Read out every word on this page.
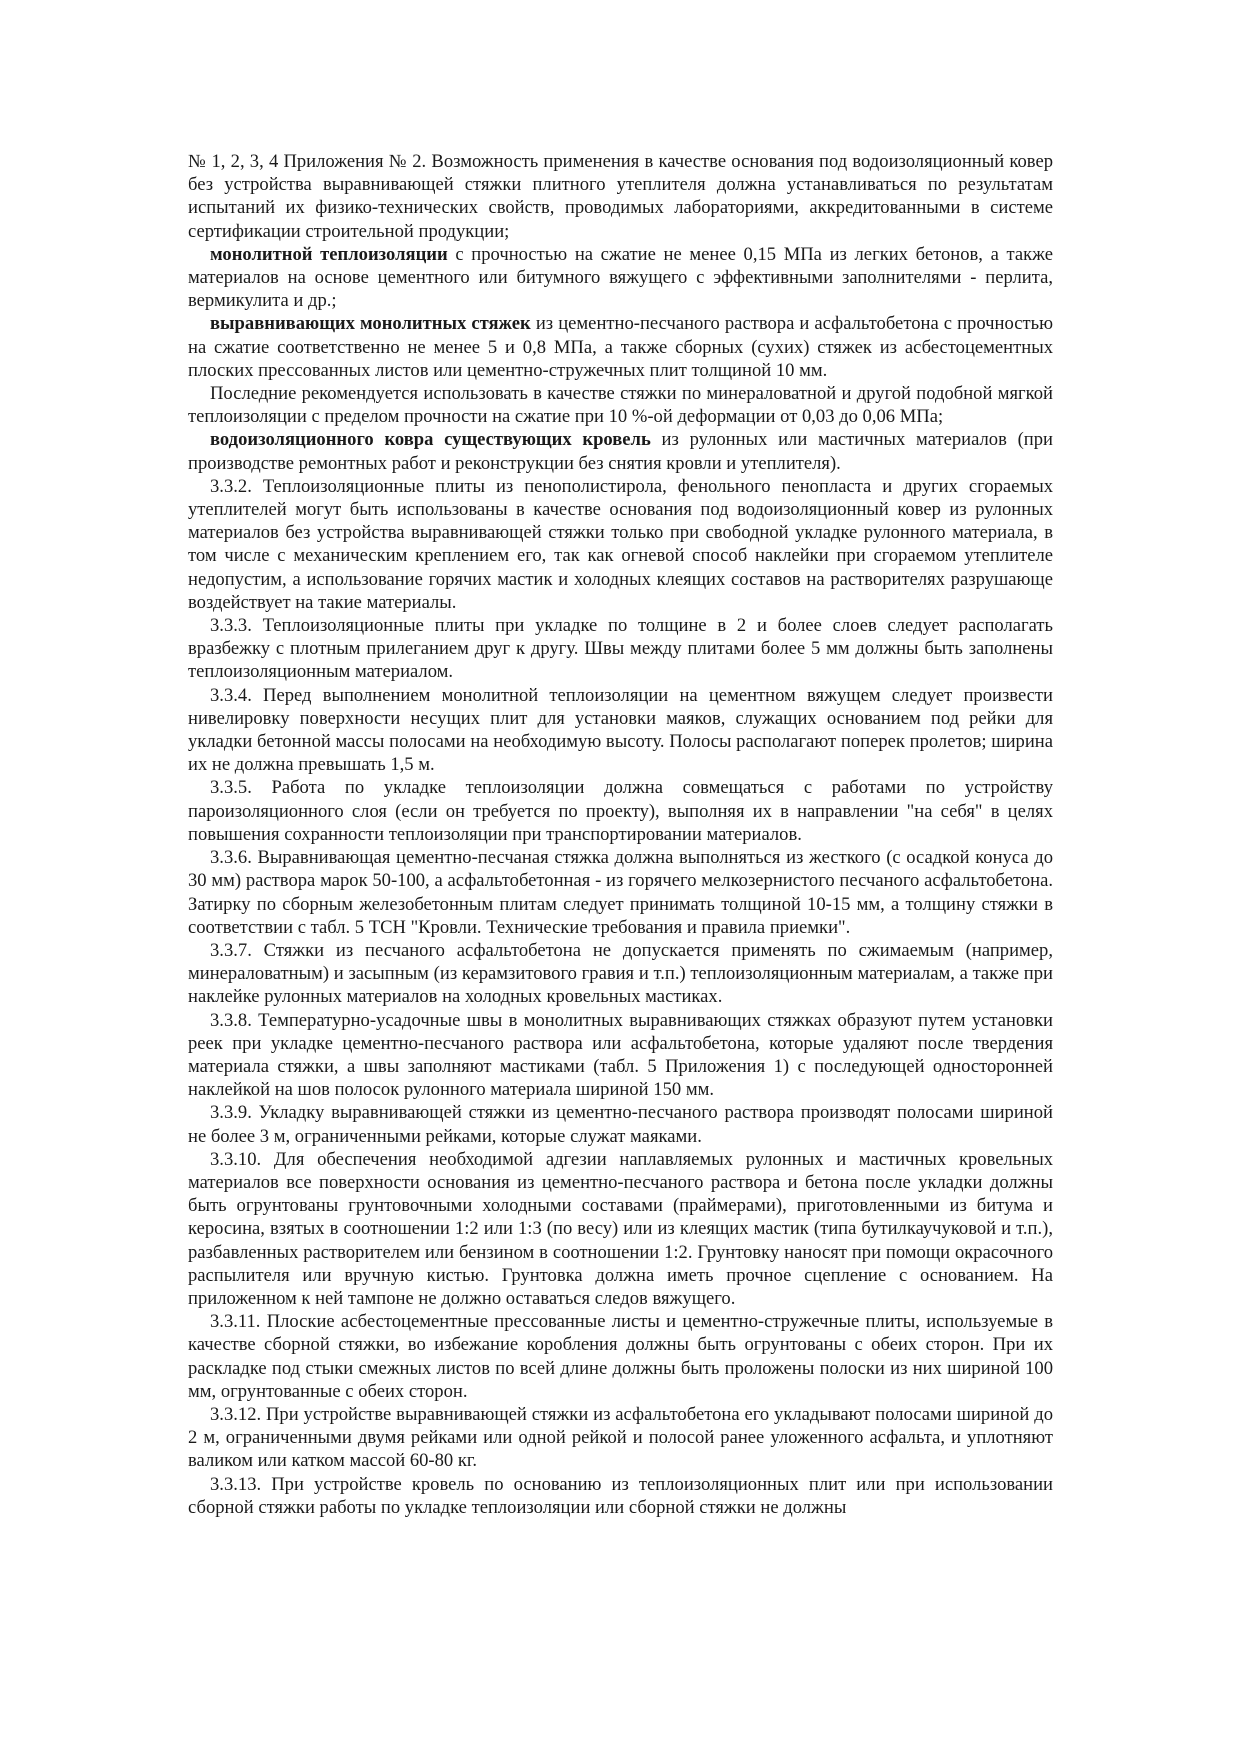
№ 1, 2, 3, 4 Приложения № 2. Возможность применения в качестве основания под водоизоляционный ковер без устройства выравнивающей стяжки плитного утеплителя должна устанавливаться по результатам испытаний их физико-технических свойств, проводимых лабораториями, аккредитованными в системе сертификации строительной продукции;

монолитной теплоизоляции с прочностью на сжатие не менее 0,15 МПа из легких бетонов, а также материалов на основе цементного или битумного вяжущего с эффективными заполнителями - перлита, вермикулита и др.;

выравнивающих монолитных стяжек из цементно-песчаного раствора и асфальтобетона с прочностью на сжатие соответственно не менее 5 и 0,8 МПа, а также сборных (сухих) стяжек из асбестоцементных плоских прессованных листов или цементно-стружечных плит толщиной 10 мм.

Последние рекомендуется использовать в качестве стяжки по минераловатной и другой подобной мягкой теплоизоляции с пределом прочности на сжатие при 10 %-ой деформации от 0,03 до 0,06 МПа;

водоизоляционного ковра существующих кровель из рулонных или мастичных материалов (при производстве ремонтных работ и реконструкции без снятия кровли и утеплителя).

3.3.2. Теплоизоляционные плиты из пенополистирола, фенольного пенопласта и других сгораемых утеплителей могут быть использованы в качестве основания под водоизоляционный ковер из рулонных материалов без устройства выравнивающей стяжки только при свободной укладке рулонного материала, в том числе с механическим креплением его, так как огневой способ наклейки при сгораемом утеплителе недопустим, а использование горячих мастик и холодных клеящих составов на растворителях разрушающе воздействует на такие материалы.

3.3.3. Теплоизоляционные плиты при укладке по толщине в 2 и более слоев следует располагать вразбежку с плотным прилеганием друг к другу. Швы между плитами более 5 мм должны быть заполнены теплоизоляционным материалом.

3.3.4. Перед выполнением монолитной теплоизоляции на цементном вяжущем следует произвести нивелировку поверхности несущих плит для установки маяков, служащих основанием под рейки для укладки бетонной массы полосами на необходимую высоту. Полосы располагают поперек пролетов; ширина их не должна превышать 1,5 м.

3.3.5. Работа по укладке теплоизоляции должна совмещаться с работами по устройству пароизоляционного слоя (если он требуется по проекту), выполняя их в направлении "на себя" в целях повышения сохранности теплоизоляции при транспортировании материалов.

3.3.6. Выравнивающая цементно-песчаная стяжка должна выполняться из жесткого (с осадкой конуса до 30 мм) раствора марок 50-100, а асфальтобетонная - из горячего мелкозернистого песчаного асфальтобетона. Затирку по сборным железобетонным плитам следует принимать толщиной 10-15 мм, а толщину стяжки в соответствии с табл. 5 ТСН "Кровли. Технические требования и правила приемки".

3.3.7. Стяжки из песчаного асфальтобетона не допускается применять по сжимаемым (например, минераловатным) и засыпным (из керамзитового гравия и т.п.) теплоизоляционным материалам, а также при наклейке рулонных материалов на холодных кровельных мастиках.

3.3.8. Температурно-усадочные швы в монолитных выравнивающих стяжках образуют путем установки реек при укладке цементно-песчаного раствора или асфальтобетона, которые удаляют после твердения материала стяжки, а швы заполняют мастиками (табл. 5 Приложения 1) с последующей односторонней наклейкой на шов полосок рулонного материала шириной 150 мм.

3.3.9. Укладку выравнивающей стяжки из цементно-песчаного раствора производят полосами шириной не более 3 м, ограниченными рейками, которые служат маяками.

3.3.10. Для обеспечения необходимой адгезии наплавляемых рулонных и мастичных кровельных материалов все поверхности основания из цементно-песчаного раствора и бетона после укладки должны быть огрунтованы грунтовочными холодными составами (праймерами), приготовленными из битума и керосина, взятых в соотношении 1:2 или 1:3 (по весу) или из клеящих мастик (типа бутилкаучуковой и т.п.), разбавленных растворителем или бензином в соотношении 1:2. Грунтовку наносят при помощи окрасочного распылителя или вручную кистью. Грунтовка должна иметь прочное сцепление с основанием. На приложенном к ней тампоне не должно оставаться следов вяжущего.

3.3.11. Плоские асбестоцементные прессованные листы и цементно-стружечные плиты, используемые в качестве сборной стяжки, во избежание коробления должны быть огрунтованы с обеих сторон. При их раскладке под стыки смежных листов по всей длине должны быть проложены полоски из них шириной 100 мм, огрунтованные с обеих сторон.

3.3.12. При устройстве выравнивающей стяжки из асфальтобетона его укладывают полосами шириной до 2 м, ограниченными двумя рейками или одной рейкой и полосой ранее уложенного асфальта, и уплотняют валиком или катком массой 60-80 кг.

3.3.13. При устройстве кровель по основанию из теплоизоляционных плит или при использовании сборной стяжки работы по укладке теплоизоляции или сборной стяжки не должны
